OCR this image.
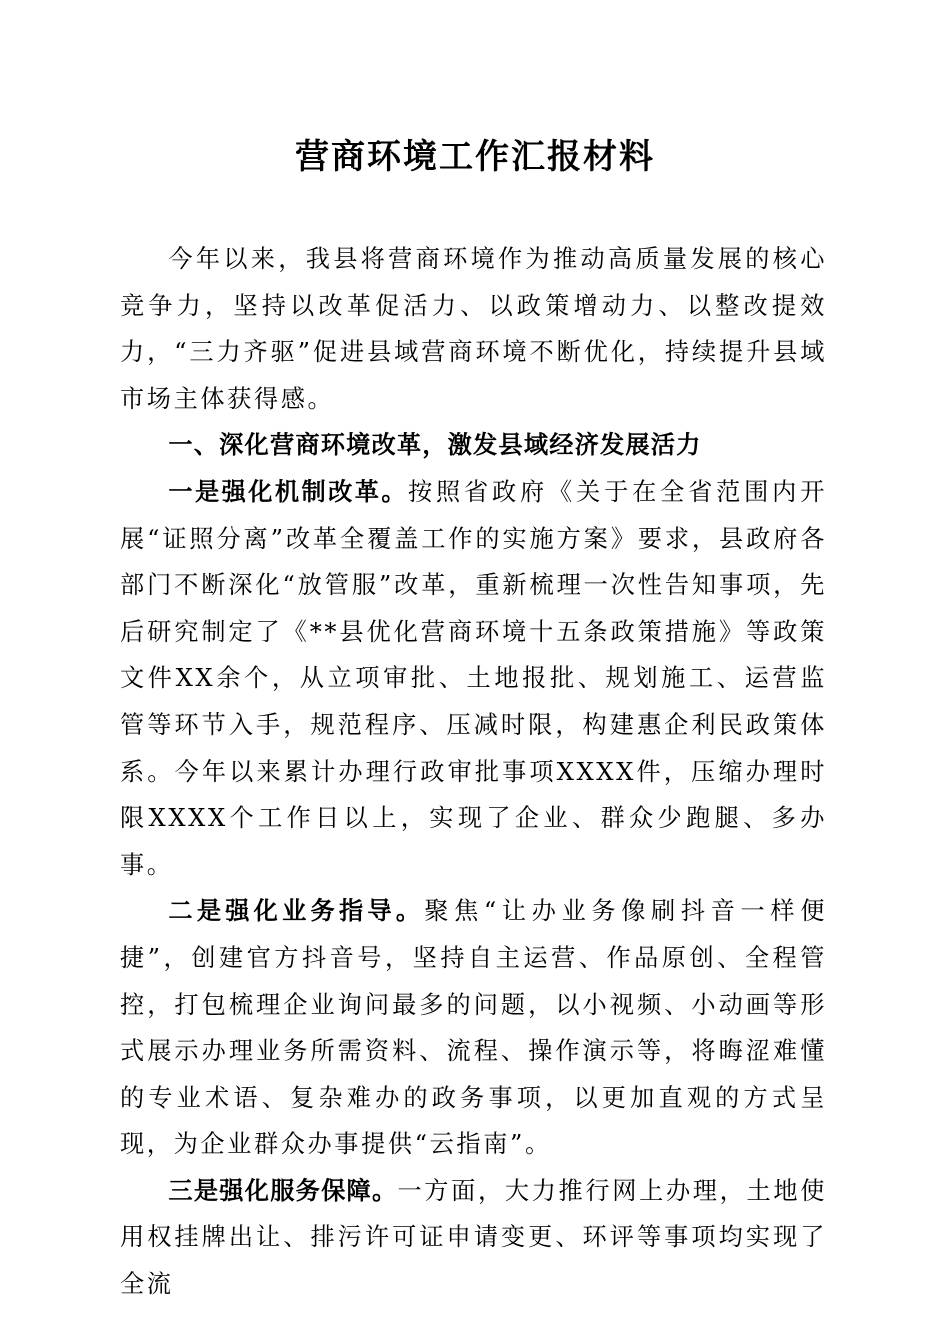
营商环境工作汇报材料

今年以来，我县将营商环境作为推动高质量发展的核心竞争力，坚持以改革促活力、以政策增动力、以整改提效力，“三力齐驱”促进县域营商环境不断优化，持续提升县域市场主体获得感。

一、深化营商环境改革，激发县域经济发展活力

一是强化机制改革。按照省政府《关于在全省范围内开展“证照分离”改革全覆盖工作的实施方案》要求，县政府各部门不断深化“放管服”改革，重新梳理一次性告知事项，先后研究制定了《**县优化营商环境十五条政策措施》等政策文件XX余个，从立项审批、土地报批、规划施工、运营监管等环节入手，规范程序、压减时限，构建惠企利民政策体系。今年以来累计办理行政审批事项XXXX件，压缩办理时限XXXX个工作日以上，实现了企业、群众少跑腿、多办事。

二是强化业务指导。聚焦“让办业务像刷抖音一样便捷”，创建官方抖音号，坚持自主运营、作品原创、全程管控，打包梳理企业询问最多的问题，以小视频、小动画等形式展示办理业务所需资料、流程、操作演示等，将晦涩难懂的专业术语、复杂难办的政务事项，以更加直观的方式呈现，为企业群众办事提供“云指南”。

三是强化服务保障。一方面，大力推行网上办理，土地使用权挂牌出让、排污许可证申请变更、环评等事项均实现了全流
